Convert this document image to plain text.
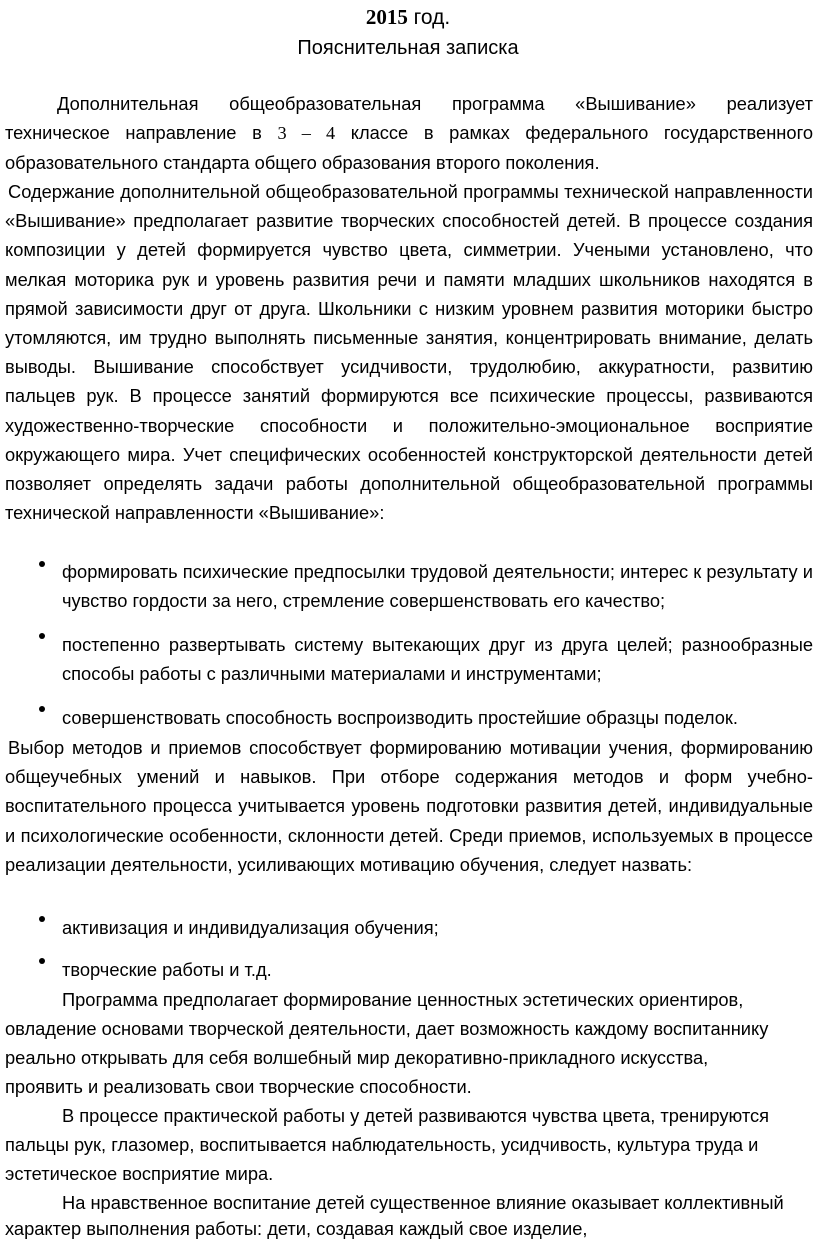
2015 год.
Пояснительная записка
Дополнительная общеобразовательная программа «Вышивание» реализует техническое направление в 3 – 4 классе в рамках федерального государственного образовательного стандарта общего образования второго поколения.
Содержание дополнительной общеобразовательной программы технической направленности «Вышивание» предполагает развитие творческих способностей детей. В процессе создания композиции у детей формируется чувство цвета, симметрии. Учеными установлено, что мелкая моторика рук и уровень развития речи и памяти младших школьников находятся в прямой зависимости друг от друга. Школьники с низким уровнем развития моторики быстро утомляются, им трудно выполнять письменные занятия, концентрировать внимание, делать выводы. Вышивание способствует усидчивости, трудолюбию, аккуратности, развитию пальцев рук. В процессе занятий формируются все психические процессы, развиваются художественно-творческие способности и положительно-эмоциональное восприятие окружающего мира. Учет специфических особенностей конструкторской деятельности детей позволяет определять задачи работы дополнительной общеобразовательной программы технической направленности «Вышивание»:
формировать психические предпосылки трудовой деятельности; интерес к результату и чувство гордости за него, стремление совершенствовать его качество;
постепенно развертывать систему вытекающих друг из друга целей; разнообразные способы работы с различными материалами и инструментами;
совершенствовать способность воспроизводить простейшие образцы поделок.
Выбор методов и приемов способствует формированию мотивации учения, формированию общеучебных умений и навыков. При отборе содержания методов и форм учебно-воспитательного процесса учитывается уровень подготовки развития детей, индивидуальные и психологические особенности, склонности детей. Среди приемов, используемых в процессе реализации деятельности, усиливающих мотивацию обучения, следует назвать:
активизация и индивидуализация обучения;
творческие работы и т.д.
Программа предполагает формирование ценностных эстетических ориентиров,
овладение основами творческой деятельности, дает возможность каждому воспитаннику
реально открывать для себя волшебный мир декоративно-прикладного искусства,
проявить и реализовать свои творческие способности.
В процессе практической работы у детей развиваются чувства цвета, тренируются
пальцы рук, глазомер, воспитывается наблюдательность, усидчивость, культура труда и
эстетическое восприятие мира.
На нравственное воспитание детей существенное влияние оказывает коллективный
характер выполнения работы: дети, создавая каждый свое изделие,
